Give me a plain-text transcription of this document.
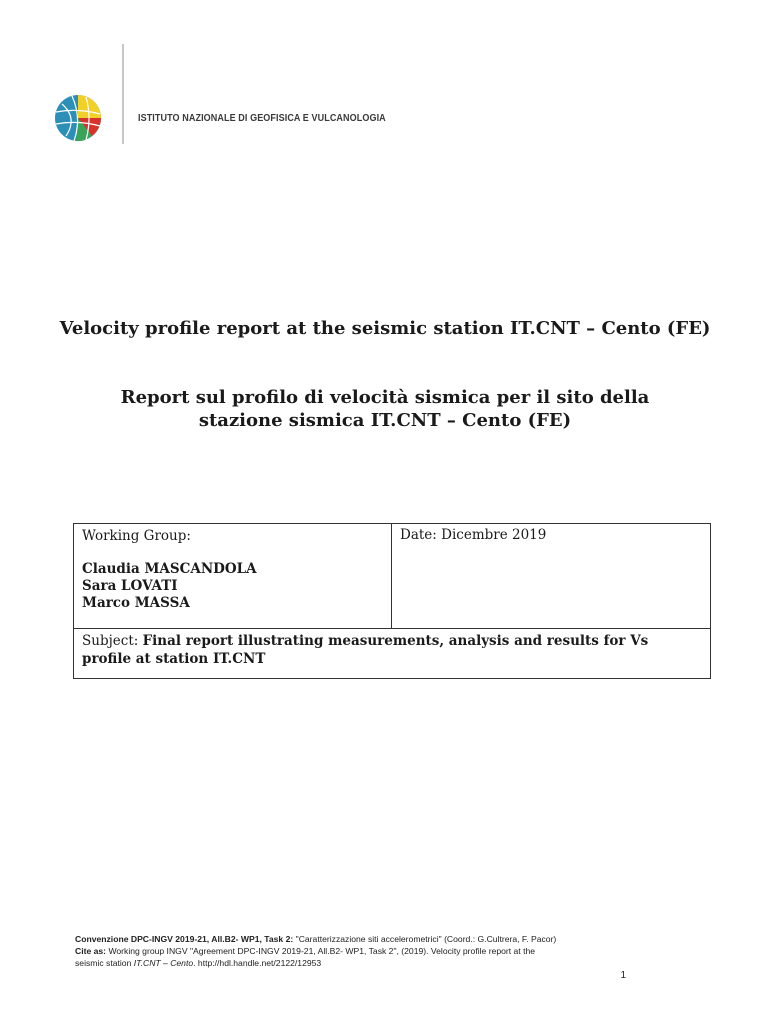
ISTITUTO NAZIONALE DI GEOFISICA E VULCANOLOGIA
Velocity profile report at the seismic station IT.CNT – Cento (FE)
Report sul profilo di velocità sismica per il sito della stazione sismica IT.CNT – Cento (FE)
Working Group:
Claudia MASCANDOLA
Sara LOVATI
Marco MASSA
Date: Dicembre 2019
Subject: Final report illustrating measurements, analysis and results for Vs profile at station IT.CNT
Convenzione DPC-INGV 2019-21, All.B2- WP1, Task 2: "Caratterizzazione siti accelerometrici" (Coord.: G.Cultrera, F. Pacor)
Cite as: Working group INGV "Agreement DPC-INGV 2019-21, All.B2- WP1, Task 2", (2019). Velocity profile report at the
seismic station IT.CNT – Cento. http://hdl.handle.net/2122/12953
1
